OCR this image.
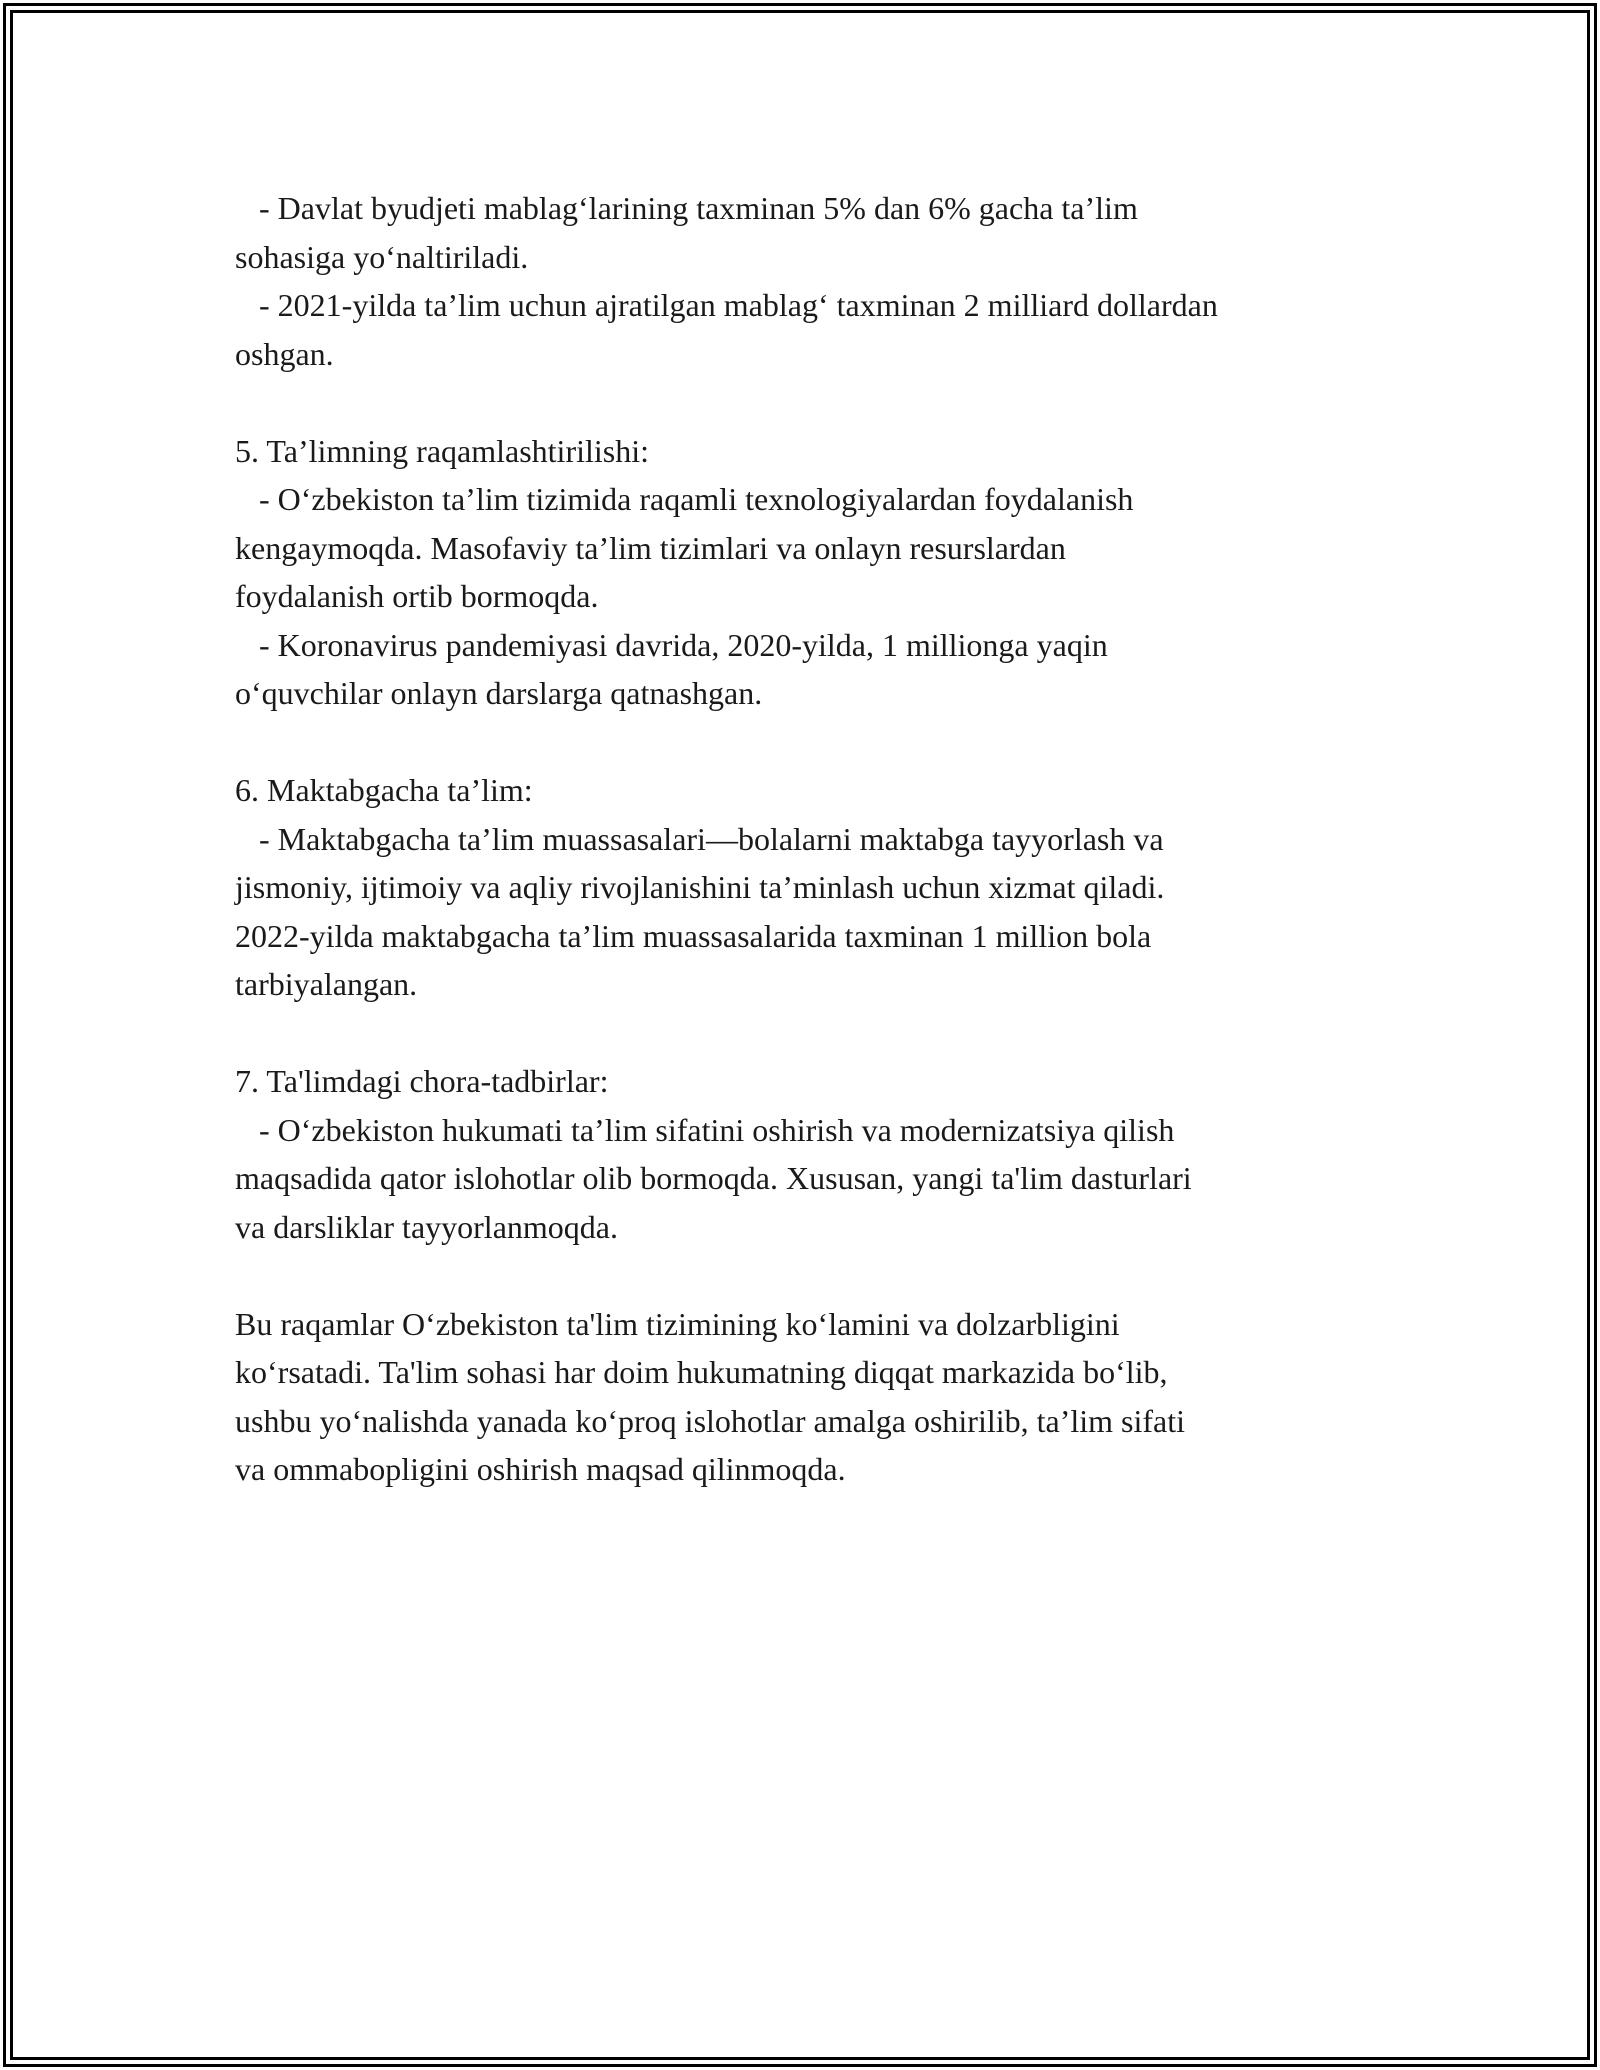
- Davlat byudjeti mablag‘larining taxminan 5% dan 6% gacha ta’lim
sohasiga yo‘naltiriladi.
- 2021-yilda ta’lim uchun ajratilgan mablag‘ taxminan 2 milliard dollardan
oshgan.
5. Ta’limning raqamlashtirilishi:
- O‘zbekiston ta’lim tizimida raqamli texnologiyalardan foydalanish
kengaymoqda. Masofaviy ta’lim tizimlari va onlayn resurslardan
foydalanish ortib bormoqda.
- Koronavirus pandemiyasi davrida, 2020-yilda, 1 millionga yaqin
o‘quvchilar onlayn darslarga qatnashgan.
6. Maktabgacha ta’lim:
- Maktabgacha ta’lim muassasalari—bolalarni maktabga tayyorlash va
jismoniy, ijtimoiy va aqliy rivojlanishini ta’minlash uchun xizmat qiladi.
2022-yilda maktabgacha ta’lim muassasalarida taxminan 1 million bola
tarbiyalangan.
7. Ta'limdagi chora-tadbirlar:
- O‘zbekiston hukumati ta’lim sifatini oshirish va modernizatsiya qilish
maqsadida qator islohotlar olib bormoqda. Xususan, yangi ta'lim dasturlari
va darsliklar tayyorlanmoqda.
Bu raqamlar O‘zbekiston ta'lim tizimining ko‘lamini va dolzarbligini
ko‘rsatadi. Ta'lim sohasi har doim hukumatning diqqat markazida bo‘lib,
ushbu yo‘nalishda yanada ko‘proq islohotlar amalga oshirilib, ta’lim sifati
va ommabopligini oshirish maqsad qilinmoqda.
